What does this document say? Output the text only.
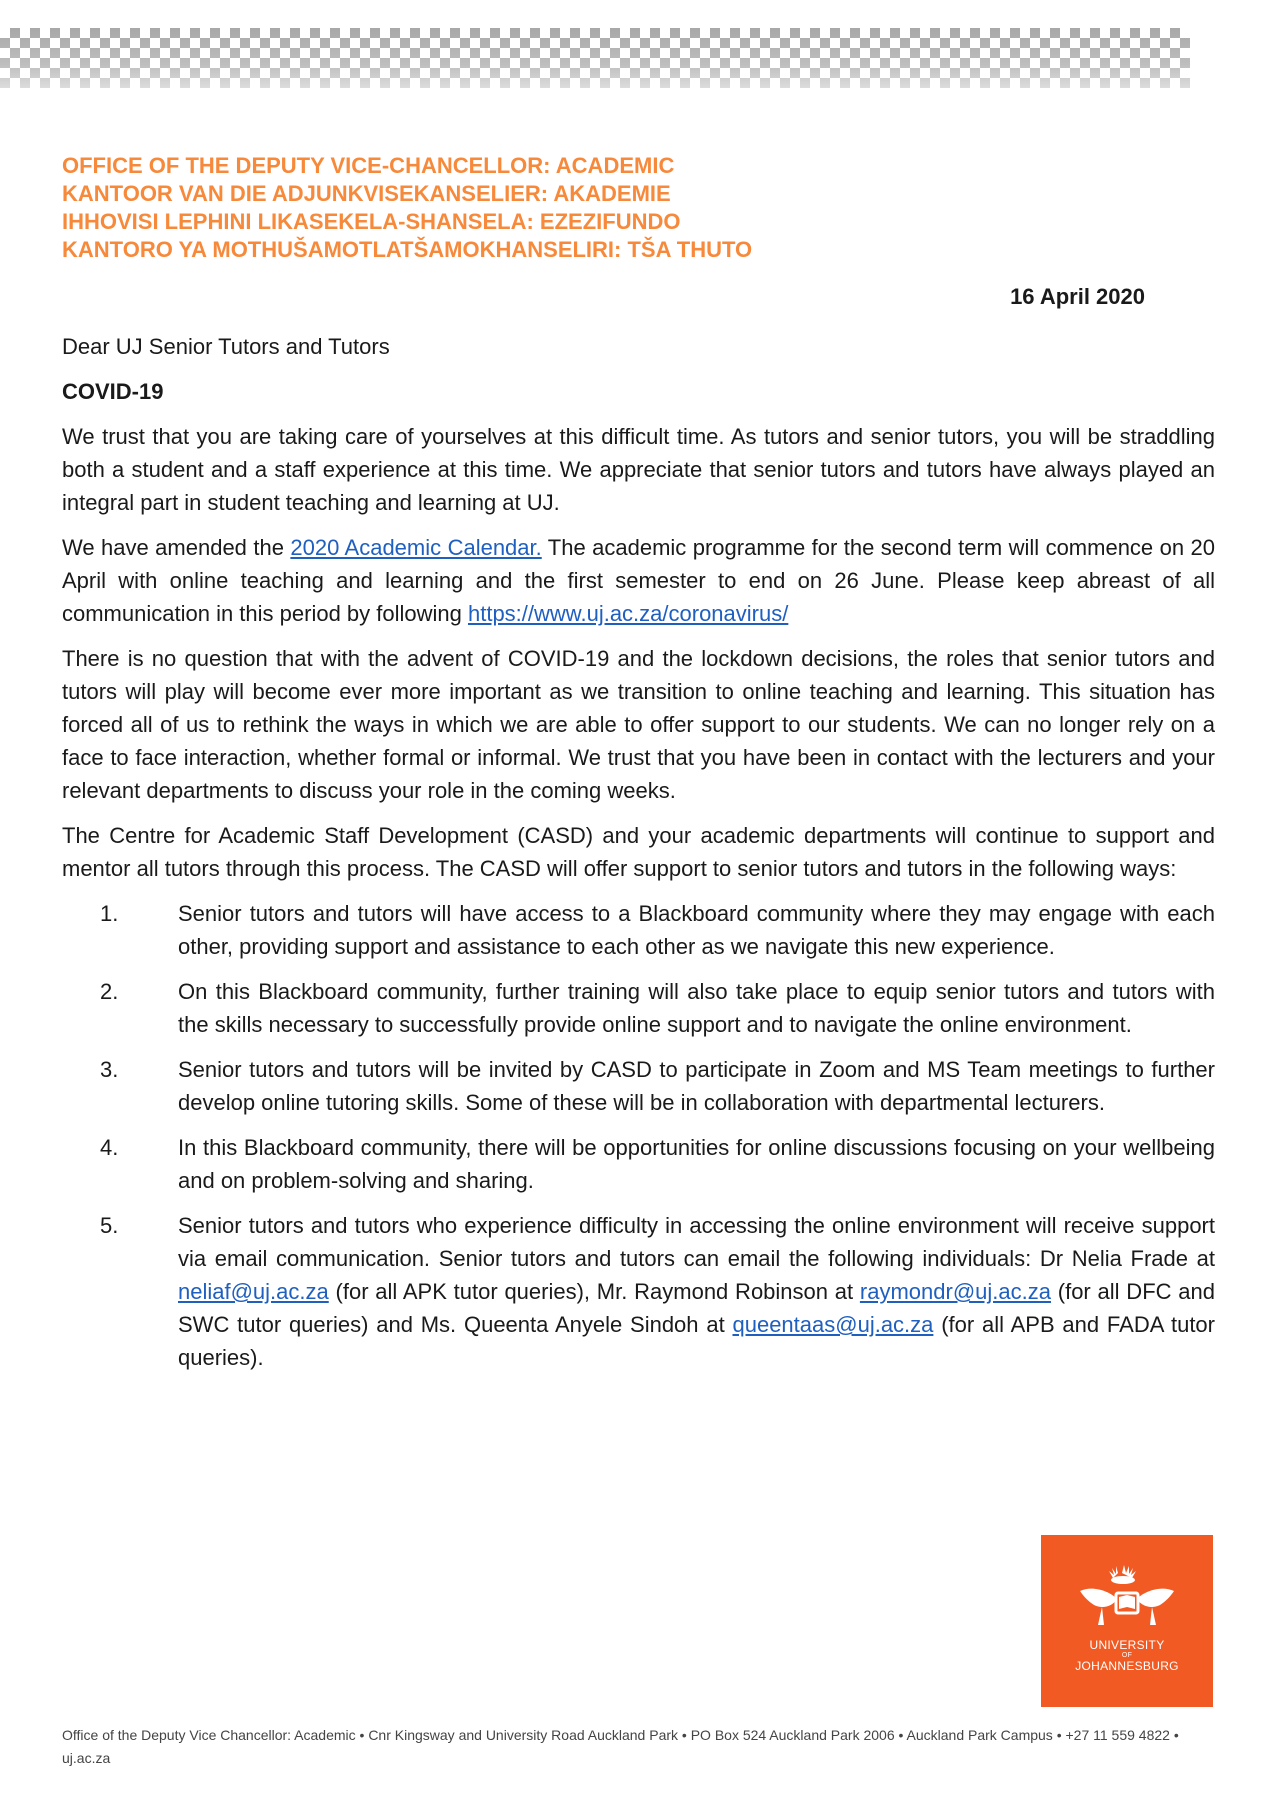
OFFICE OF THE DEPUTY VICE-CHANCELLOR: ACADEMIC
KANTOOR VAN DIE ADJUNKVISEKANSELIER: AKADEMIE
IHHOVISI LEPHINI LIKASEKELA-SHANSELA: EZEZIFUNDO
KANTORO YA MOTHUŠAMOTLATŠAMOKHANSELIRI: TŠA THUTO
16 April 2020

Dear UJ Senior Tutors and Tutors

COVID-19

We trust that you are taking care of yourselves at this difficult time. As tutors and senior tutors, you will be straddling both a student and a staff experience at this time. We appreciate that senior tutors and tutors have always played an integral part in student teaching and learning at UJ.

We have amended the 2020 Academic Calendar. The academic programme for the second term will commence on 20 April with online teaching and learning and the first semester to end on 26 June. Please keep abreast of all communication in this period by following https://www.uj.ac.za/coronavirus/

There is no question that with the advent of COVID-19 and the lockdown decisions, the roles that senior tutors and tutors will play will become ever more important as we transition to online teaching and learning. This situation has forced all of us to rethink the ways in which we are able to offer support to our students. We can no longer rely on a face to face interaction, whether formal or informal. We trust that you have been in contact with the lecturers and your relevant departments to discuss your role in the coming weeks.

The Centre for Academic Staff Development (CASD) and your academic departments will continue to support and mentor all tutors through this process. The CASD will offer support to senior tutors and tutors in the following ways:

1.	Senior tutors and tutors will have access to a Blackboard community where they may engage with each other, providing support and assistance to each other as we navigate this new experience.
2.	On this Blackboard community, further training will also take place to equip senior tutors and tutors with the skills necessary to successfully provide online support and to navigate the online environment.
3.	Senior tutors and tutors will be invited by CASD to participate in Zoom and MS Team meetings to further develop online tutoring skills. Some of these will be in collaboration with departmental lecturers.
4.	In this Blackboard community, there will be opportunities for online discussions focusing on your wellbeing and on problem-solving and sharing.
5.	Senior tutors and tutors who experience difficulty in accessing the online environment will receive support via email communication. Senior tutors and tutors can email the following individuals: Dr Nelia Frade at neliaf@uj.ac.za (for all APK tutor queries), Mr. Raymond Robinson at raymondr@uj.ac.za (for all DFC and SWC tutor queries) and Ms. Queenta Anyele Sindoh at queentaas@uj.ac.za (for all APB and FADA tutor queries).
UNIVERSITY
OF
JOHANNESBURG
Office of the Deputy Vice Chancellor: Academic • Cnr Kingsway and University Road Auckland Park • PO Box 524 Auckland Park 2006 • Auckland Park Campus • +27 11 559 4822 • uj.ac.za
